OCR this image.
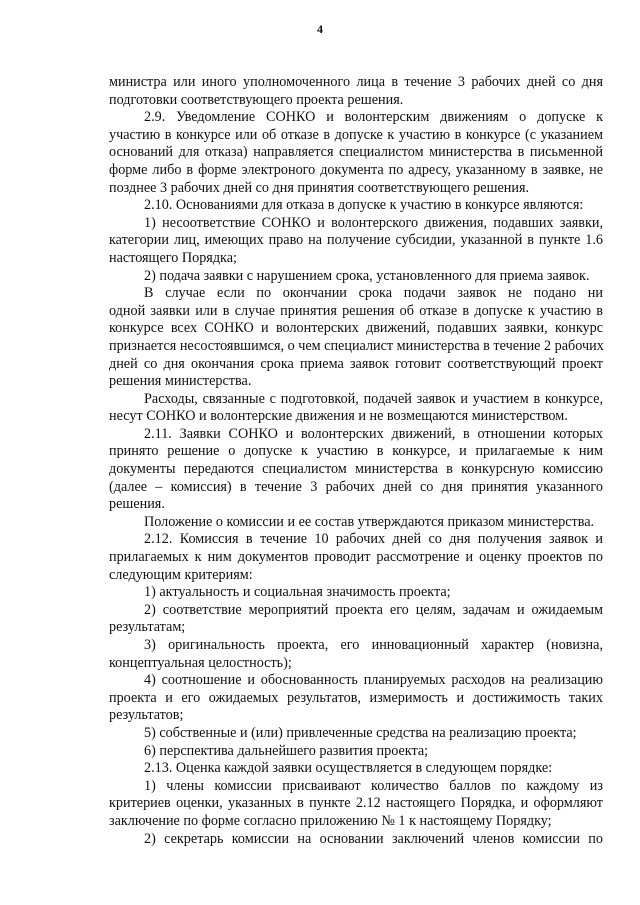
4
министра или иного уполномоченного лица в течение 3 рабочих дней со дня
подготовки соответствующего проекта решения.
2.9. Уведомление СОНКО и волонтерским движениям о допуске к
участию в конкурсе или об отказе в допуске к участию в конкурсе (с указанием
оснований для отказа) направляется специалистом министерства в письменной
форме либо в форме электроного документа по адресу, указанному в заявке, не
позднее 3 рабочих дней со дня принятия соответствующего решения.
2.10. Основаниями для отказа в допуске к участию в конкурсе являются:
1) несоответствие СОНКО и волонтерского движения, подавших заявки,
категории лиц, имеющих право на получение субсидии, указанной в пункте 1.6
настоящего Порядка;
2) подача заявки с нарушением срока, установленного для приема заявок.
В случае если по окончании срока подачи заявок не подано ни
одной заявки или в случае принятия решения об отказе в допуске к участию в
конкурсе всех СОНКО и волонтерских движений, подавших заявки, конкурс
признается несостоявшимся, о чем специалист министерства в течение 2 рабочих
дней со дня окончания срока приема заявок готовит соответствующий проект
решения министерства.
Расходы, связанные с подготовкой, подачей заявок и участием в конкурсе,
несут СОНКО и волонтерские движения и не возмещаются министерством.
2.11. Заявки СОНКО и волонтерских движений, в отношении которых
принято решение о допуске к участию в конкурсе, и прилагаемые к ним
документы передаются специалистом министерства в конкурсную комиссию
(далее – комиссия) в течение 3 рабочих дней со дня принятия указанного
решения.
Положение о комиссии и ее состав утверждаются приказом министерства.
2.12. Комиссия в течение 10 рабочих дней со дня получения заявок и
прилагаемых к ним документов проводит рассмотрение и оценку проектов по
следующим критериям:
1) актуальность и социальная значимость проекта;
2) соответствие мероприятий проекта его целям, задачам и ожидаемым
результатам;
3) оригинальность проекта, его инновационный характер (новизна,
концептуальная целостность);
4) соотношение и обоснованность планируемых расходов на реализацию
проекта и его ожидаемых результатов, измеримость и достижимость таких
результатов;
5) собственные и (или) привлеченные средства на реализацию проекта;
6) перспектива дальнейшего развития проекта;
2.13. Оценка каждой заявки осуществляется в следующем порядке:
1) члены комиссии присваивают количество баллов по каждому из
критериев оценки, указанных в пункте 2.12 настоящего Порядка, и оформляют
заключение по форме согласно приложению № 1 к настоящему Порядку;
2) секретарь комиссии на основании заключений членов комиссии по
